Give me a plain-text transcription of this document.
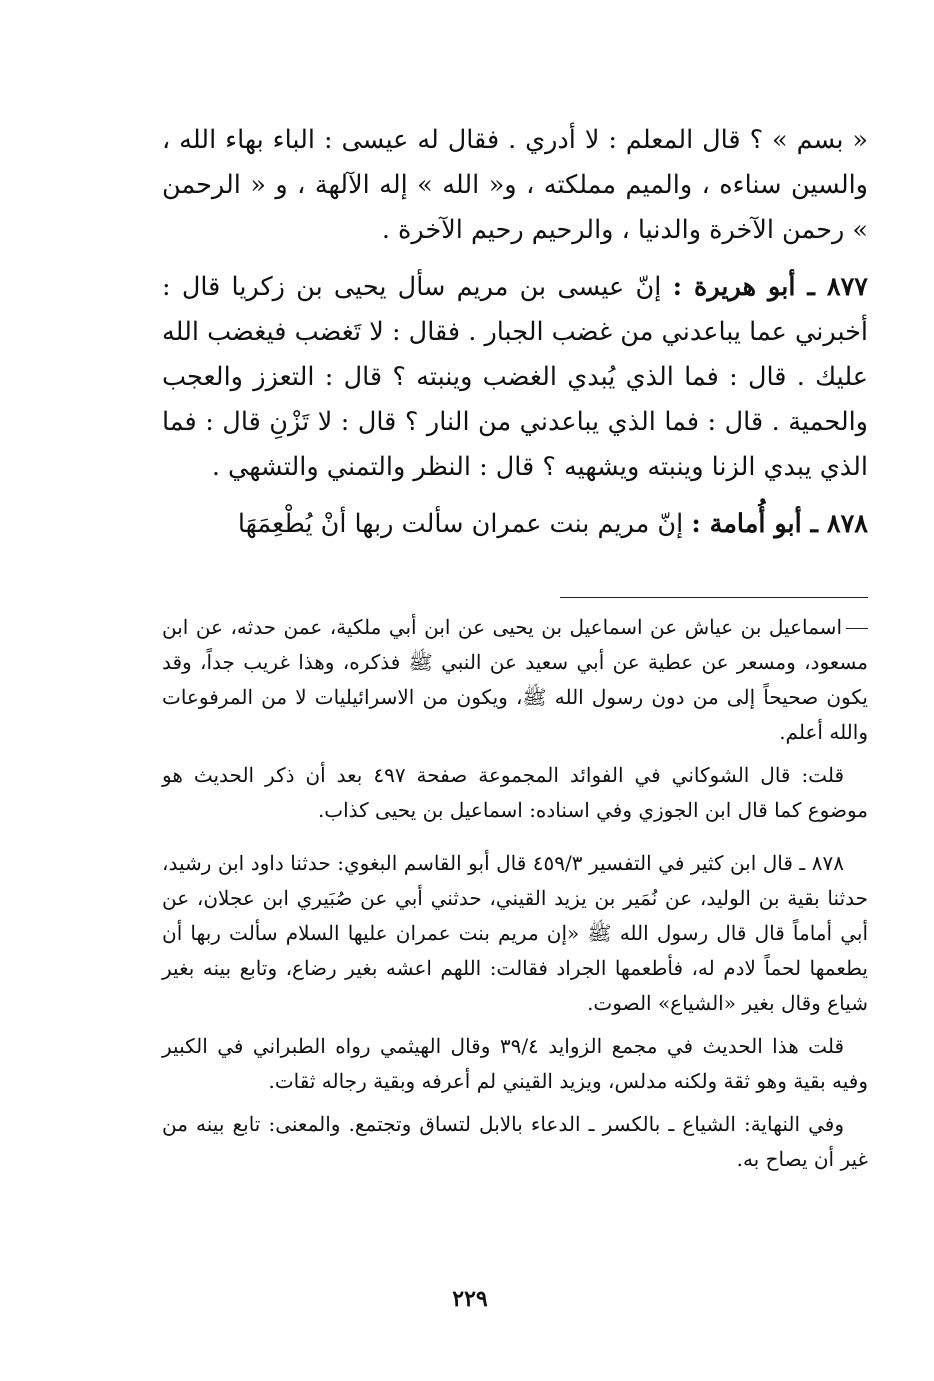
« بسم » ؟ قال المعلم : لا أدري . فقال له عيسى : الباء بهاء الله ، والسين سناءه ، والميم مملكته ، و« الله » إله الآلهة ، و « الرحمن » رحمن الآخرة والدنيا ، والرحيم رحيم الآخرة .

٨٧٧ ـ أبو هريرة : إنّ عيسى بن مريم سأل يحيى بن زكريا قال : أخبرني عما يباعدني من غضب الجبار . فقال : لا تَغضب فيغضب الله عليك . قال : فما الذي يُبدي الغضب وينبته ؟ قال : التعزز والعجب والحمية . قال : فما الذي يباعدني من النار ؟ قال : لا تَزْنِ قال : فما الذي يبدي الزنا وينبته ويشهيه ؟ قال : النظر والتمني والتشهي .

٨٧٨ ـ أبو أُمامة : إنّ مريم بنت عمران سألت ربها أنْ يُطْعِمَهَا

اسماعيل بن عياش عن اسماعيل بن يحيى عن ابن أبي ملكية، عمن حدثه، عن ابن مسعود، ومسعر عن عطية عن أبي سعيد عن النبي ﷺ فذكره، وهذا غريب جداً، وقد يكون صحيحاً إلى من دون رسول الله ﷺ، ويكون من الاسرائيليات لا من المرفوعات والله أعلم.

قلت: قال الشوكاني في الفوائد المجموعة صفحة ٤٩٧ بعد أن ذكر الحديث هو موضوع كما قال ابن الجوزي وفي اسناده: اسماعيل بن يحيى كذاب.

٨٧٨ ـ قال ابن كثير في التفسير ٤٥٩/٣ قال أبو القاسم البغوي: حدثنا داود ابن رشيد، حدثنا بقية بن الوليد، عن نُمَير بن يزيد القيني، حدثني أبي عن صُبَيري ابن عجلان، عن أبي أماماً قال قال رسول الله ﷺ «إن مريم بنت عمران عليها السلام سألت ربها أن يطعمها لحماً لادم له، فأطعمها الجراد فقالت: اللهم اعشه بغير رضاع، وتابع بينه بغير شياع وقال بغير «الشياع» الصوت.

قلت هذا الحديث في مجمع الزوايد ٣٩/٤ وقال الهيثمي رواه الطبراني في الكبير وفيه بقية وهو ثقة ولكنه مدلس، ويزيد القيني لم أعرفه وبقية رجاله ثقات.

وفي النهاية: الشياع ـ بالكسر ـ الدعاء بالابل لتساق وتجتمع. والمعنى: تابع بينه من غير أن يصاح به.

٢٢٩
